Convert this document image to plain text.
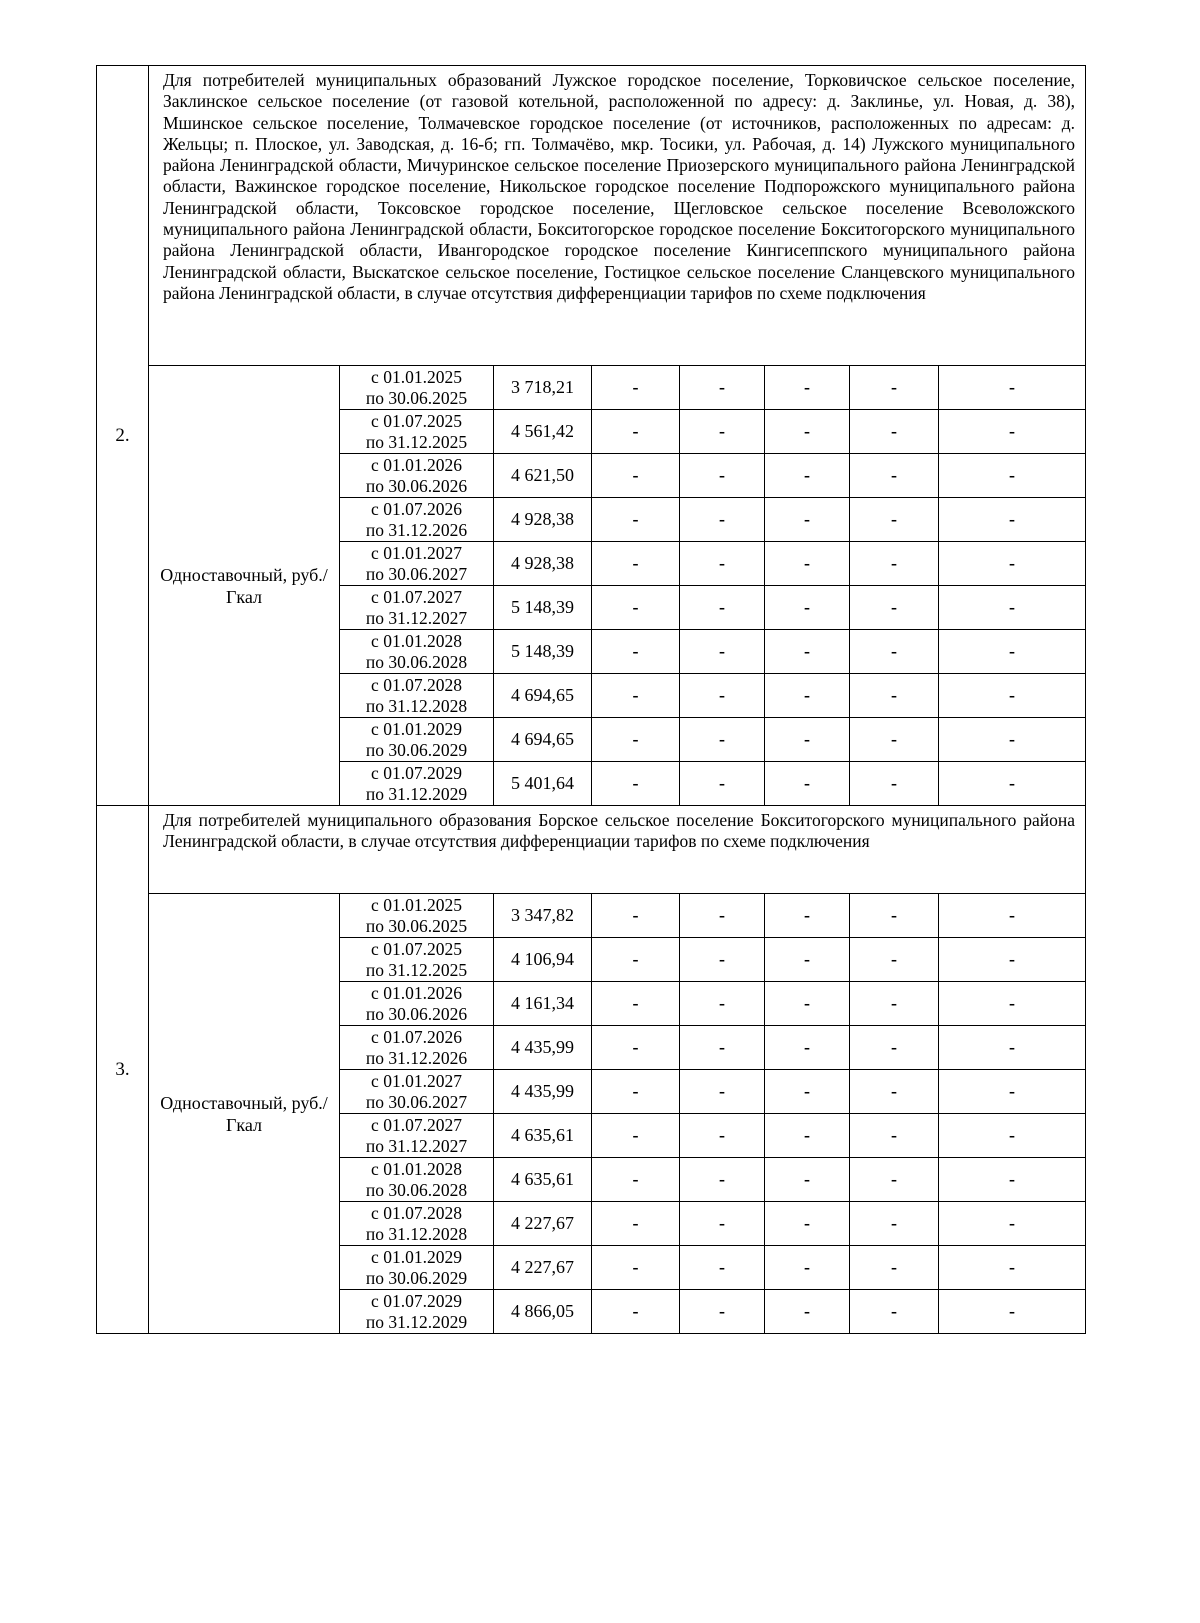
2.	Для потребителей муниципальных образований Лужское городское поселение, Торковичское сельское поселение, Заклинское сельское поселение (от газовой котельной, расположенной по адресу: д. Заклинье, ул. Новая, д. 38), Мшинское сельское поселение, Толмачевское городское поселение (от источников, расположенных по адресам: д. Жельцы; п. Плоское, ул. Заводская, д. 16-б; гп. Толмачёво, мкр. Тосики, ул. Рабочая, д. 14) Лужского муниципального района Ленинградской области, Мичуринское сельское поселение Приозерского муниципального района Ленинградской области, Важинское городское поселение, Никольское городское поселение Подпорожского муниципального района Ленинградской области, Токсовское городское поселение, Щегловское сельское поселение Всеволожского муниципального района Ленинградской области, Бокситогорское городское поселение Бокситогорского муниципального района Ленинградской области, Ивангородское городское поселение Кингисеппского муниципального района Ленинградской области, Выскатское сельское поселение, Гостицкое сельское поселение Сланцевского муниципального района Ленинградской области, в случае отсутствия дифференциации тарифов по схеме подключения							
	Одноставочный, руб./Гкал	с 01.01.2025
по 30.06.2025	3 718,21	-	-	-	-	-

		с 01.07.2025
по 31.12.2025	4 561,42	-	-	-	-	-

		с 01.01.2026
по 30.06.2026	4 621,50	-	-	-	-	-

		с 01.07.2026
по 31.12.2026	4 928,38	-	-	-	-	-

		с 01.01.2027
по 30.06.2027	4 928,38	-	-	-	-	-

		с 01.07.2027
по 31.12.2027	5 148,39	-	-	-	-	-

		с 01.01.2028
по 30.06.2028	5 148,39	-	-	-	-	-

		с 01.07.2028
по 31.12.2028	4 694,65	-	-	-	-	-

		с 01.01.2029
по 30.06.2029	4 694,65	-	-	-	-	-

		с 01.07.2029
по 31.12.2029	5 401,64	-	-	-	-	-
3.	Для потребителей муниципального образования Борское сельское поселение Бокситогорского муниципального района Ленинградской области, в случае отсутствия дифференциации тарифов по схеме подключения							
	Одноставочный, руб./Гкал	с 01.01.2025
по 30.06.2025	3 347,82	-	-	-	-	-

		с 01.07.2025
по 31.12.2025	4 106,94	-	-	-	-	-

		с 01.01.2026
по 30.06.2026	4 161,34	-	-	-	-	-

		с 01.07.2026
по 31.12.2026	4 435,99	-	-	-	-	-

		с 01.01.2027
по 30.06.2027	4 435,99	-	-	-	-	-

		с 01.07.2027
по 31.12.2027	4 635,61	-	-	-	-	-

		с 01.01.2028
по 30.06.2028	4 635,61	-	-	-	-	-

		с 01.07.2028
по 31.12.2028	4 227,67	-	-	-	-	-

		с 01.01.2029
по 30.06.2029	4 227,67	-	-	-	-	-

		с 01.07.2029
по 31.12.2029	4 866,05	-	-	-	-	-
